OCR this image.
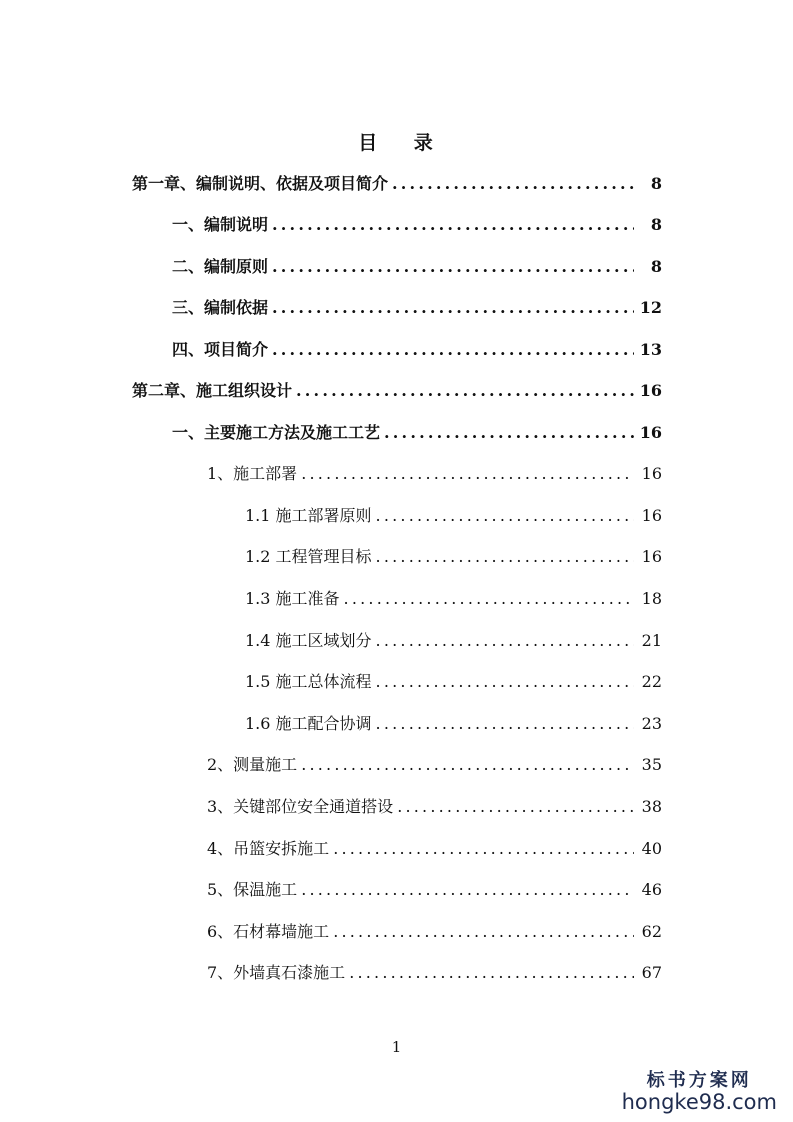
目    录
第一章、编制说明、依据及项目简介 .....	8
一、编制说明 .....	8
二、编制原则 .....	8
三、编制依据 .....	12
四、项目简介 .....	13
第二章、施工组织设计 .....	16
一、主要施工方法及施工工艺 .....	16
1、施工部署 .....	16
1.1 施工部署原则 .....	16
1.2 工程管理目标 .....	16
1.3 施工准备 .....	18
1.4 施工区域划分 .....	21
1.5 施工总体流程 .....	22
1.6 施工配合协调 .....	23
2、测量施工 .....	35
3、关键部位安全通道搭设 .....	38
4、吊篮安拆施工 .....	40
5、保温施工 .....	46
6、石材幕墙施工 .....	62
7、外墙真石漆施工 .....	67
1
标书方案网
hongke98.com
